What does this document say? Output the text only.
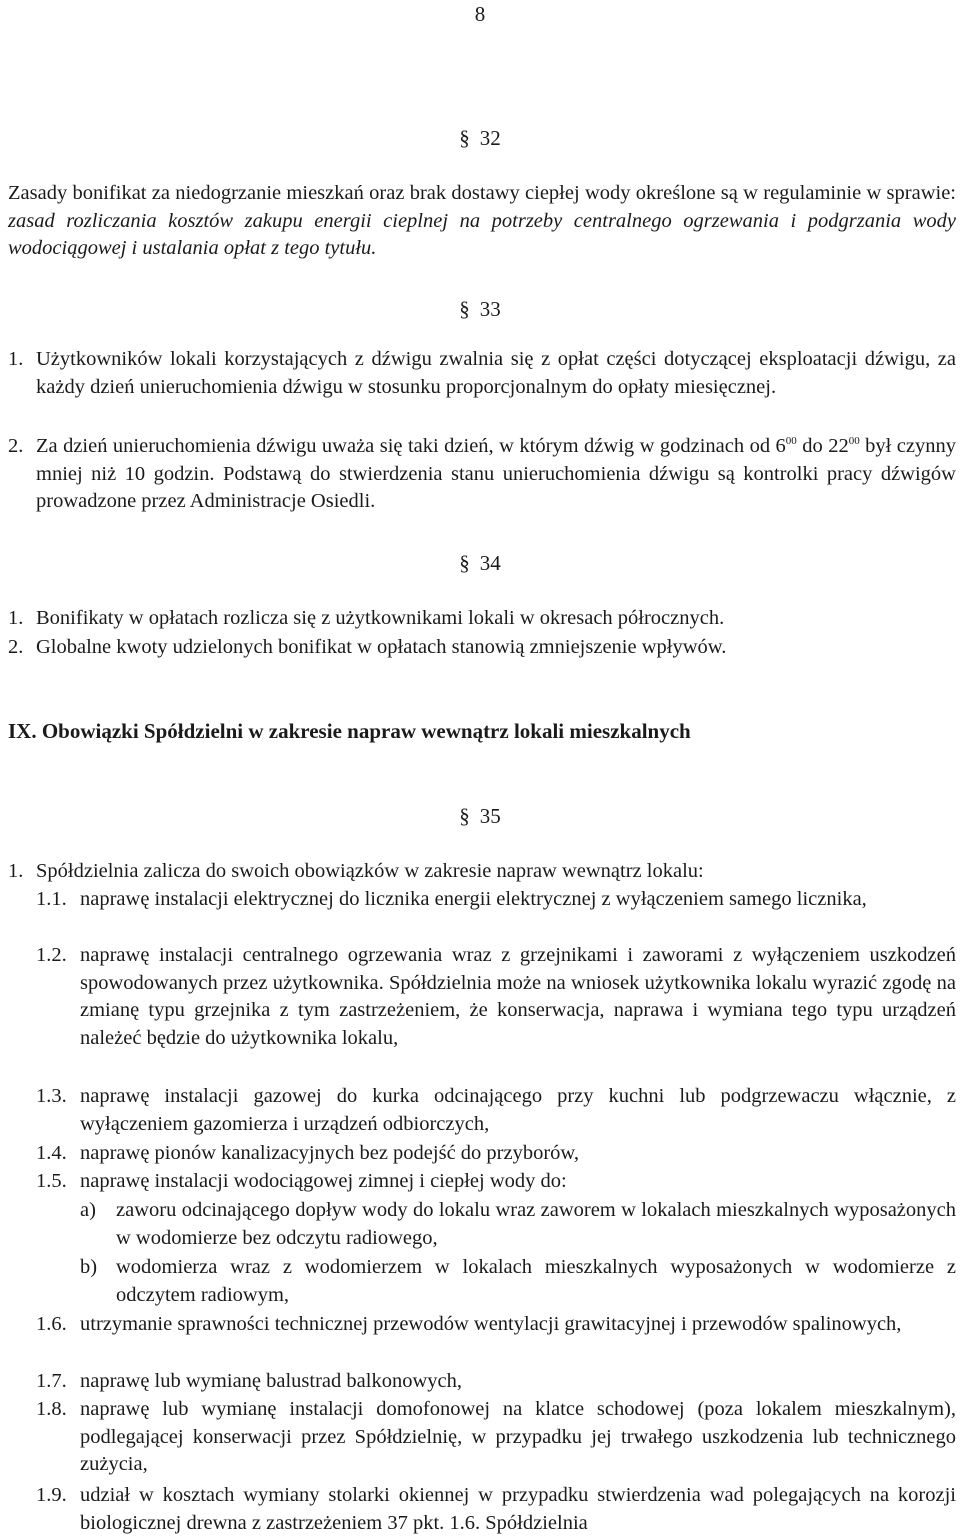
8
§ 32

Zasady bonifikat za niedogrzanie mieszkań oraz brak dostawy ciepłej wody określone są w regulaminie w sprawie: zasad rozliczania kosztów zakupu energii cieplnej na potrzeby centralnego ogrzewania i podgrzania wody wodociągowej i ustalania opłat z tego tytułu.

§ 33
1. Użytkowników lokali korzystających z dźwigu zwalnia się z opłat części dotyczącej eksploatacji dźwigu, za każdy dzień unieruchomienia dźwigu w stosunku proporcjonalnym do opłaty miesięcznej.
2. Za dzień unieruchomienia dźwigu uważa się taki dzień, w którym dźwig w godzinach od $6^{00}$ do $22^{00}$ był czynny mniej niż 10 godzin. Podstawą do stwierdzenia stanu unieruchomienia dźwigu są kontrolki pracy dźwigów prowadzone przez Administracje Osiedli.
§ 34
1. Bonifikaty w opłatach rozlicza się z użytkownikami lokali w okresach półrocznych.
2. Globalne kwoty udzielonych bonifikat w opłatach stanowią zmniejszenie wpływów.
IX. Obowiązki Spółdzielni w zakresie napraw wewnątrz lokali mieszkalnych
§ 35
1. Spółdzielnia zalicza do swoich obowiązków w zakresie napraw wewnątrz lokalu:
1.1. naprawę instalacji elektrycznej do licznika energii elektrycznej z wyłączeniem samego licznika,
1.2. naprawę instalacji centralnego ogrzewania wraz z grzejnikami i zaworami z wyłączeniem uszkodzeń spowodowanych przez użytkownika. Spółdzielnia może na wniosek użytkownika lokalu wyrazić zgodę na zmianę typu grzejnika z tym zastrzeżeniem, że konserwacja, naprawa i wymiana tego typu urządzeń należeć będzie do użytkownika lokalu,
1.3. naprawę instalacji gazowej do kurka odcinającego przy kuchni lub podgrzewaczu włącznie, z wyłączeniem gazomierza i urządzeń odbiorczych,
1.4. naprawę pionów kanalizacyjnych bez podejść do przyborów,
1.5. naprawę instalacji wodociągowej zimnej i ciepłej wody do:
a) zaworu odcinającego dopływ wody do lokalu wraz zaworem w lokalach mieszkalnych wyposażonych w wodomierze bez odczytu radiowego,
b) wodomierza wraz z wodomierzem w lokalach mieszkalnych wyposażonych w wodomierze z odczytem radiowym,
1.6. utrzymanie sprawności technicznej przewodów wentylacji grawitacyjnej i przewodów spalinowych,
1.7. naprawę lub wymianę balustrad balkonowych,
1.8. naprawę lub wymianę instalacji domofonowej na klatce schodowej (poza lokalem mieszkalnym), podlegającej konserwacji przez Spółdzielnię, w przypadku jej trwałego uszkodzenia lub technicznego zużycia,
1.9. udział w kosztach wymiany stolarki okiennej w przypadku stwierdzenia wad polegających na korozji biologicznej drewna z zastrzeżeniem 37 pkt. 1.6. Spółdzielnia
